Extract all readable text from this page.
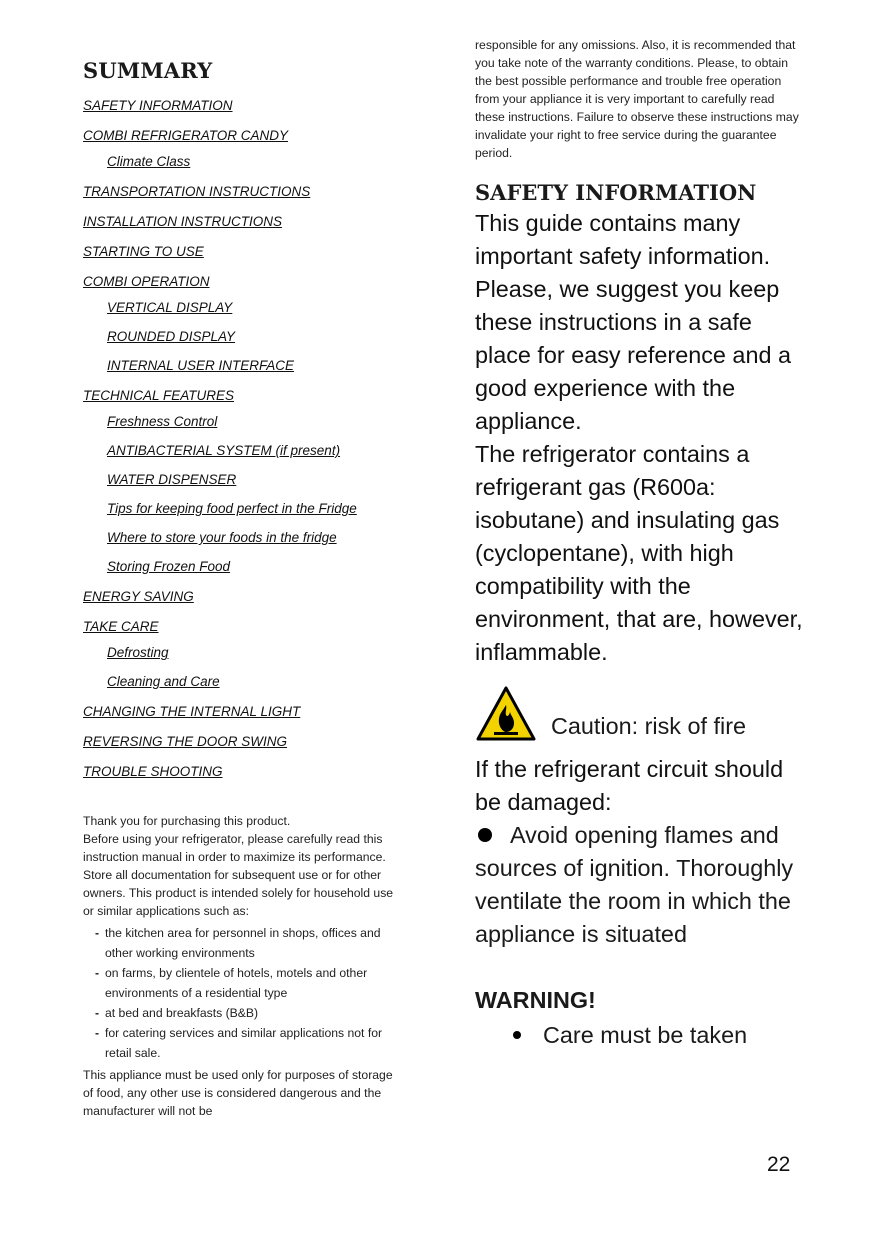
SUMMARY
SAFETY INFORMATION
COMBI REFRIGERATOR CANDY
Climate Class
TRANSPORTATION INSTRUCTIONS
INSTALLATION INSTRUCTIONS
STARTING TO USE
COMBI OPERATION
VERTICAL DISPLAY
ROUNDED DISPLAY
INTERNAL USER INTERFACE
TECHNICAL FEATURES
Freshness Control
ANTIBACTERIAL SYSTEM (if present)
WATER DISPENSER
Tips for keeping food perfect in the Fridge
Where to store your foods in the fridge
Storing Frozen Food
ENERGY SAVING
TAKE CARE
Defrosting
Cleaning and Care
CHANGING THE INTERNAL LIGHT
REVERSING THE DOOR SWING
TROUBLE SHOOTING

Thank you for purchasing this product.

Before using your refrigerator, please carefully read this instruction manual in order to maximize its performance. Store all documentation for subsequent use or for other owners. This product is intended solely for household use or similar applications such as:

- the kitchen area for personnel in shops, offices and other working environments
- on farms, by clientele of hotels, motels and other environments of a residential type
- at bed and breakfasts (B&B)
- for catering services and similar applications not for retail sale.

This appliance must be used only for purposes of storage of food, any other use is considered dangerous and the manufacturer will not be

responsible for any omissions. Also, it is recommended that you take note of the warranty conditions. Please, to obtain the best possible performance and trouble free operation from your appliance it is very important to carefully read these instructions. Failure to observe these instructions may invalidate your right to free service during the guarantee period.

SAFETY INFORMATION

This guide contains many important safety information. Please, we suggest you keep these instructions in a safe place for easy reference and a good experience with the appliance.

The refrigerator contains a refrigerant gas (R600a: isobutane) and insulating gas (cyclopentane), with high compatibility with the environment, that are, however, inflammable.

Caution: risk of fire

If the refrigerant circuit should be damaged:

Avoid opening flames and sources of ignition. Thoroughly ventilate the room in which the appliance is situated

WARNING!

Care must be taken

22
